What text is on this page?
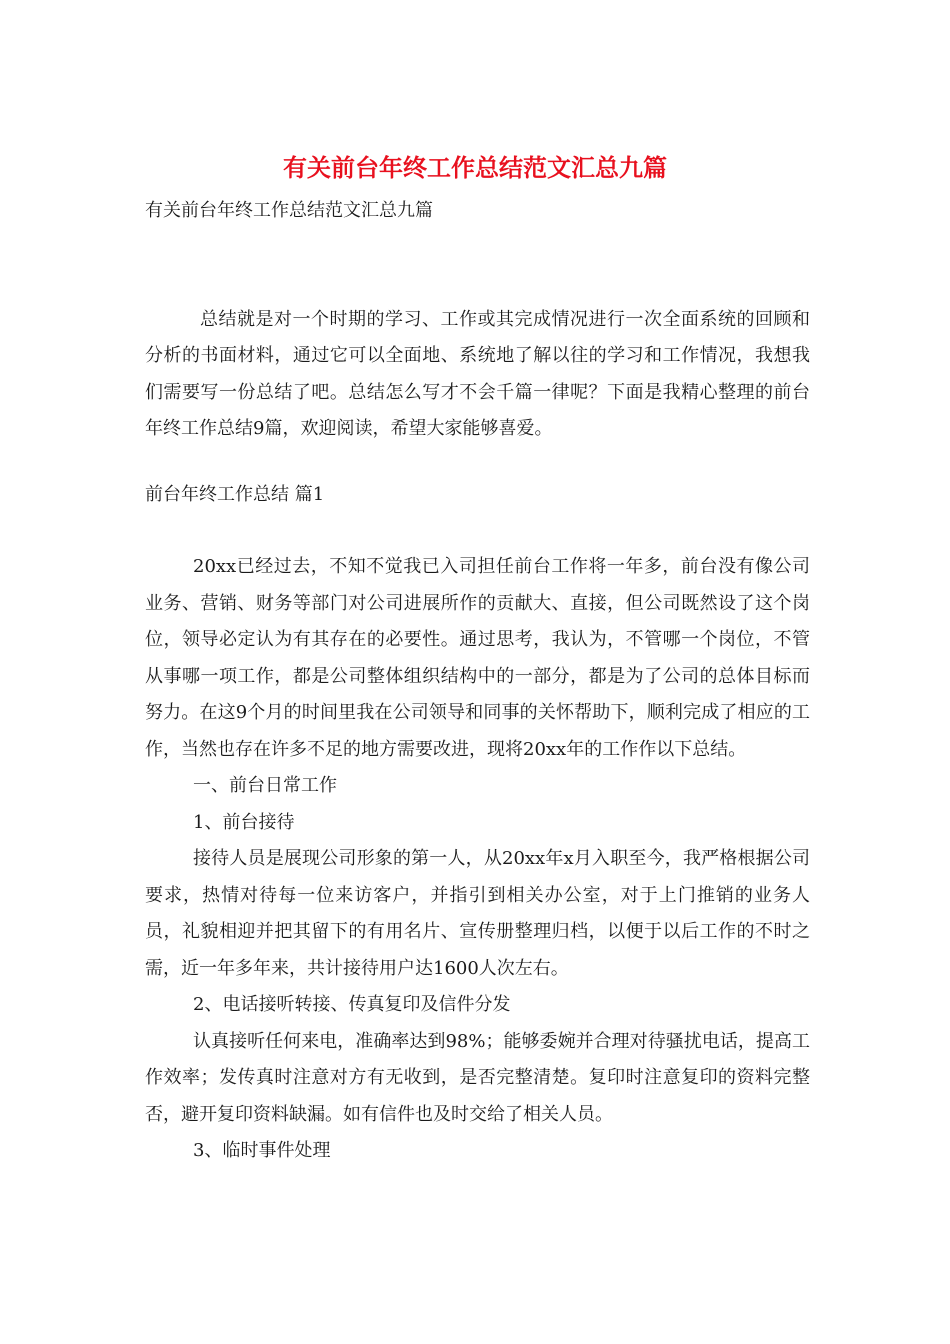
有关前台年终工作总结范文汇总九篇
有关前台年终工作总结范文汇总九篇

总结就是对一个时期的学习、工作或其完成情况进行一次全面系统的回顾和分析的书面材料，通过它可以全面地、系统地了解以往的学习和工作情况，我想我们需要写一份总结了吧。总结怎么写才不会千篇一律呢？下面是我精心整理的前台年终工作总结9篇，欢迎阅读，希望大家能够喜爱。

前台年终工作总结 篇1

20xx已经过去，不知不觉我已入司担任前台工作将一年多，前台没有像公司业务、营销、财务等部门对公司进展所作的贡献大、直接，但公司既然设了这个岗位，领导必定认为有其存在的必要性。通过思考，我认为，不管哪一个岗位，不管从事哪一项工作，都是公司整体组织结构中的一部分，都是为了公司的总体目标而努力。在这9个月的时间里我在公司领导和同事的关怀帮助下，顺利完成了相应的工作，当然也存在许多不足的地方需要改进，现将20xx年的工作作以下总结。

一、前台日常工作

1、前台接待

接待人员是展现公司形象的第一人，从20xx年x月入职至今，我严格根据公司要求，热情对待每一位来访客户，并指引到相关办公室，对于上门推销的业务人员，礼貌相迎并把其留下的有用名片、宣传册整理归档，以便于以后工作的不时之需，近一年多年来，共计接待用户达1600人次左右。

2、电话接听转接、传真复印及信件分发

认真接听任何来电，准确率达到98%；能够委婉并合理对待骚扰电话，提高工作效率；发传真时注意对方有无收到，是否完整清楚。复印时注意复印的资料完整否，避开复印资料缺漏。如有信件也及时交给了相关人员。

3、临时事件处理
